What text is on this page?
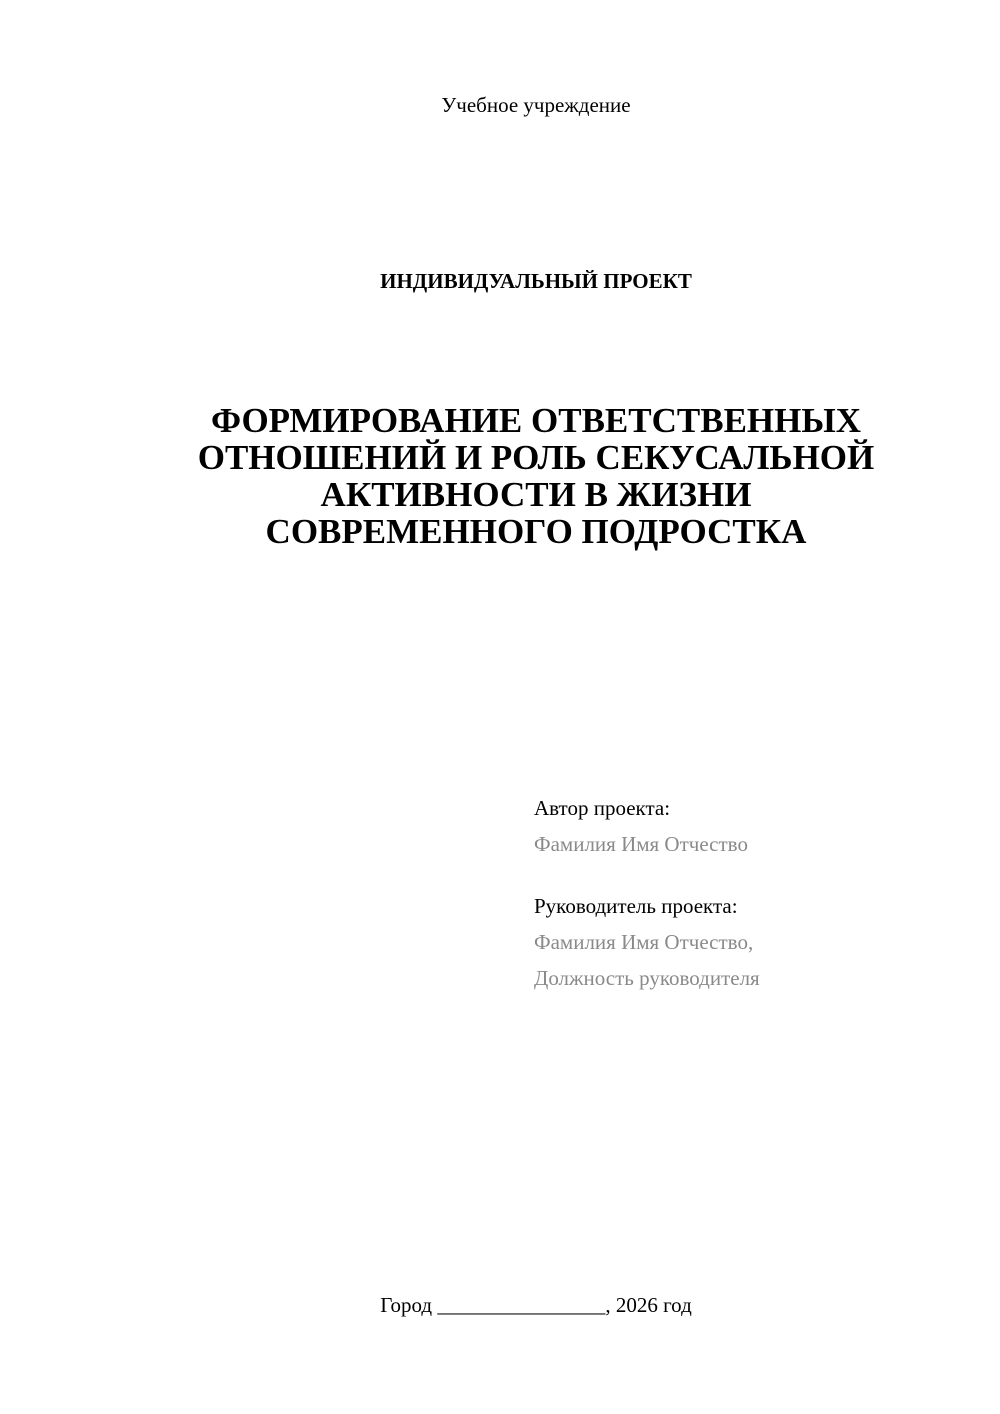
Учебное учреждение
ИНДИВИДУАЛЬНЫЙ ПРОЕКТ
ФОРМИРОВАНИЕ ОТВЕТСТВЕННЫХ
ОТНОШЕНИЙ И РОЛЬ СЕКУСАЛЬНОЙ
АКТИВНОСТИ В ЖИЗНИ
СОВРЕМЕННОГО ПОДРОСТКА
Автор проекта:
Фамилия Имя Отчество
Руководитель проекта:
Фамилия Имя Отчество,
Должность руководителя
Город ________________, 2026 год
